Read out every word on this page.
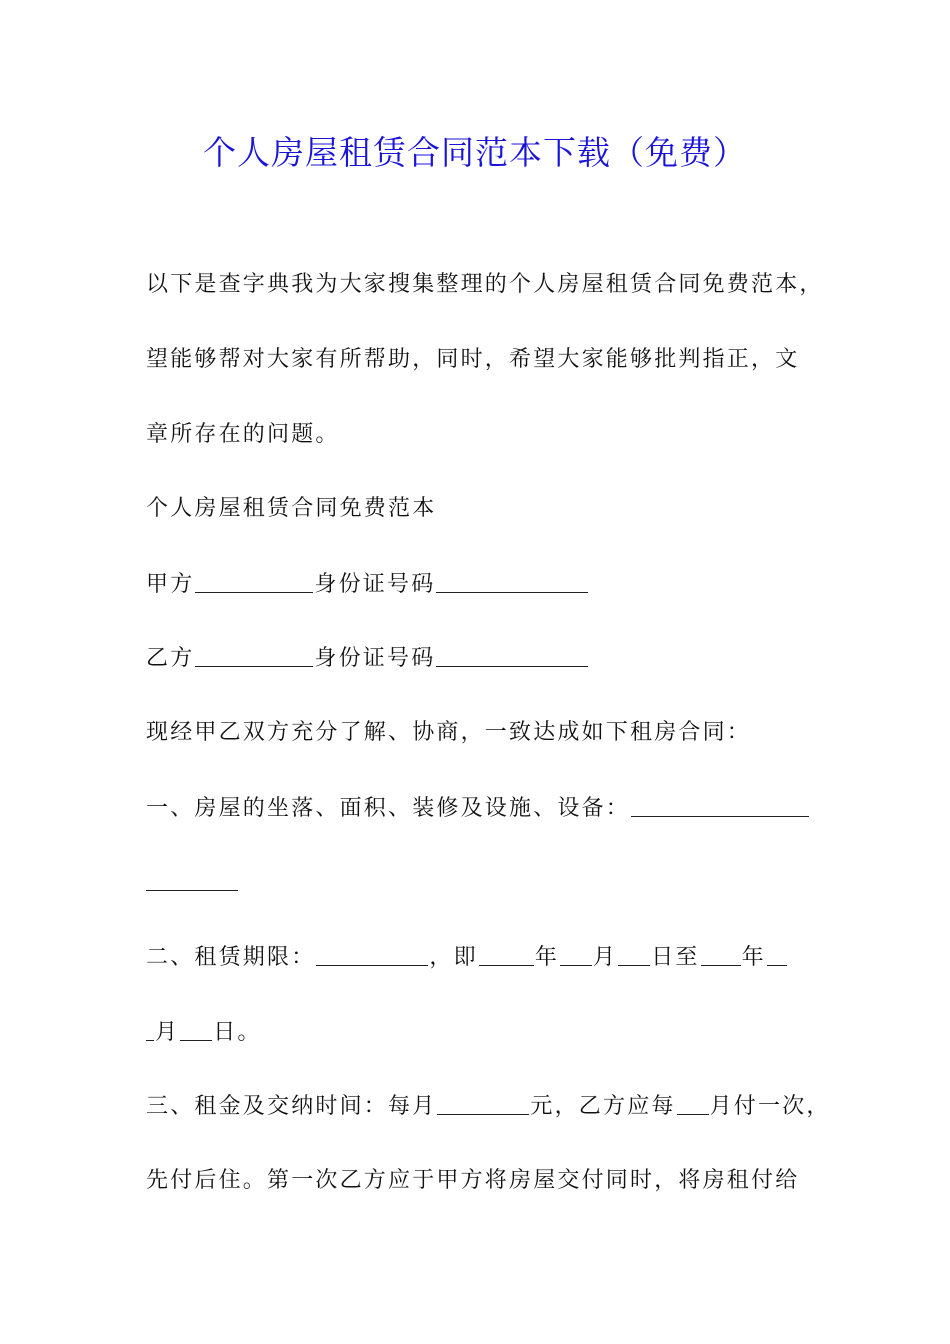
个人房屋租赁合同范本下载（免费）
以下是查字典我为大家搜集整理的个人房屋租赁合同免费范本，
望能够帮对大家有所帮助，同时，希望大家能够批判指正，文
章所存在的问题。
个人房屋租赁合同免费范本
甲方	身份证号码
乙方	身份证号码
现经甲乙双方充分了解、协商，一致达成如下租房合同：
一、房屋的坐落、面积、装修及设施、设备：
二、租赁期限：	，即	年 月 日至 年
月 日。
三、租金及交纳时间：每月	元，乙方应每 月付一次，
先付后住。第一次乙方应于甲方将房屋交付同时，将房租付给
